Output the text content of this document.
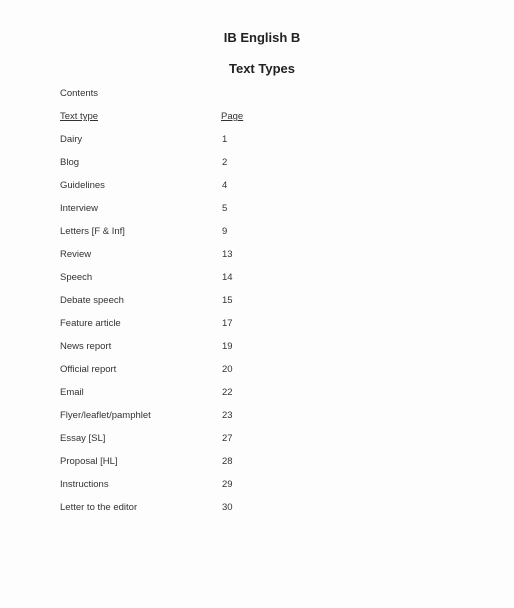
IB English B
Text Types
Contents
Text type	Page
Dairy	1
Blog	2
Guidelines	4
Interview	5
Letters [F & Inf]	9
Review	13
Speech	14
Debate speech	15
Feature article	17
News report	19
Official report	20
Email	22
Flyer/leaflet/pamphlet	23
Essay [SL]	27
Proposal [HL]	28
Instructions	29
Letter to the editor	30
